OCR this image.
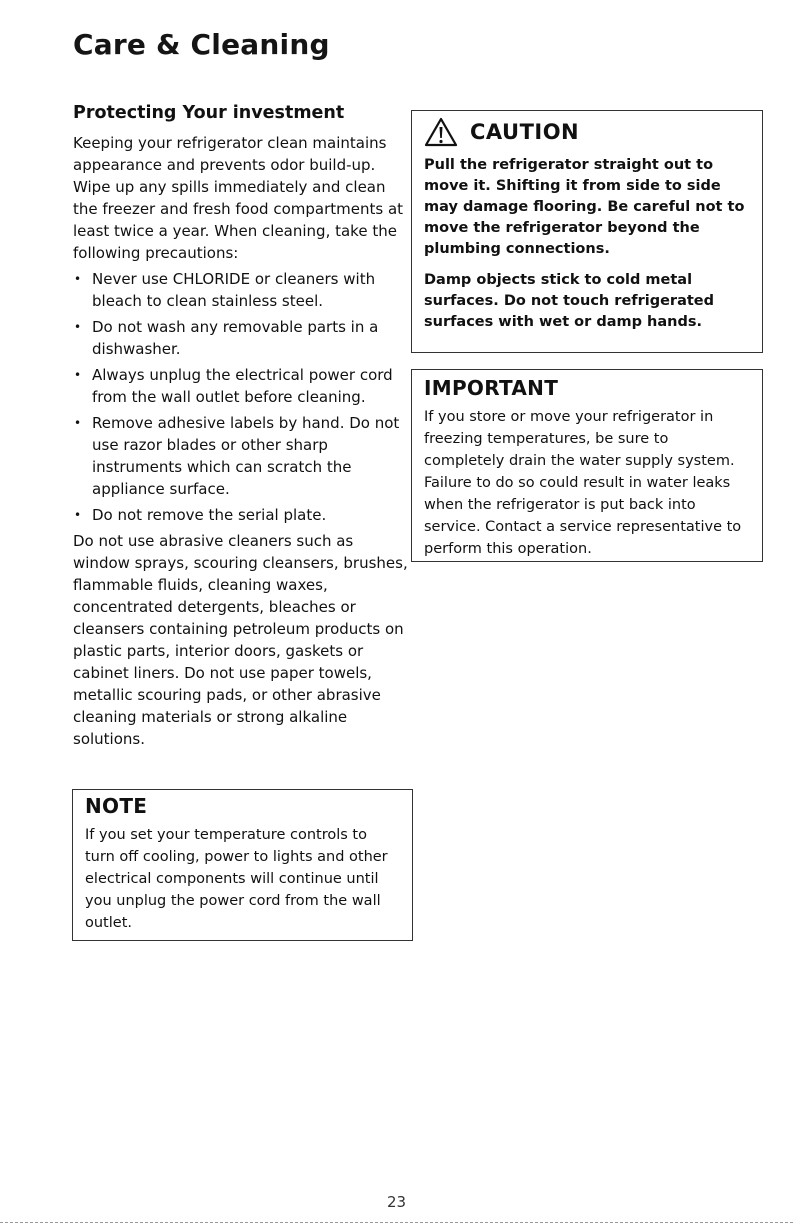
Care & Cleaning
Protecting Your investment

Keeping your refrigerator clean maintains appearance and prevents odor build-up. Wipe up any spills immediately and clean the freezer and fresh food compartments at least twice a year. When cleaning, take the following precautions:

• Never use CHLORIDE or cleaners with bleach to clean stainless steel.
• Do not wash any removable parts in a dishwasher.
• Always unplug the electrical power cord from the wall outlet before cleaning.
• Remove adhesive labels by hand. Do not use razor blades or other sharp instruments which can scratch the appliance surface.
• Do not remove the serial plate.

Do not use abrasive cleaners such as window sprays, scouring cleansers, brushes, flammable fluids, cleaning waxes, concentrated detergents, bleaches or cleansers containing petroleum products on plastic parts, interior doors, gaskets or cabinet liners. Do not use paper towels, metallic scouring pads, or other abrasive cleaning materials or strong alkaline solutions.

CAUTION

Pull the refrigerator straight out to move it. Shifting it from side to side may damage flooring. Be careful not to move the refrigerator beyond the plumbing connections.

Damp objects stick to cold metal surfaces. Do not touch refrigerated surfaces with wet or damp hands.

IMPORTANT

If you store or move your refrigerator in freezing temperatures, be sure to completely drain the water supply system. Failure to do so could result in water leaks when the refrigerator is put back into service. Contact a service representative to perform this operation.

NOTE

If you set your temperature controls to turn off cooling, power to lights and other electrical components will continue until you unplug the power cord from the wall outlet.

23
